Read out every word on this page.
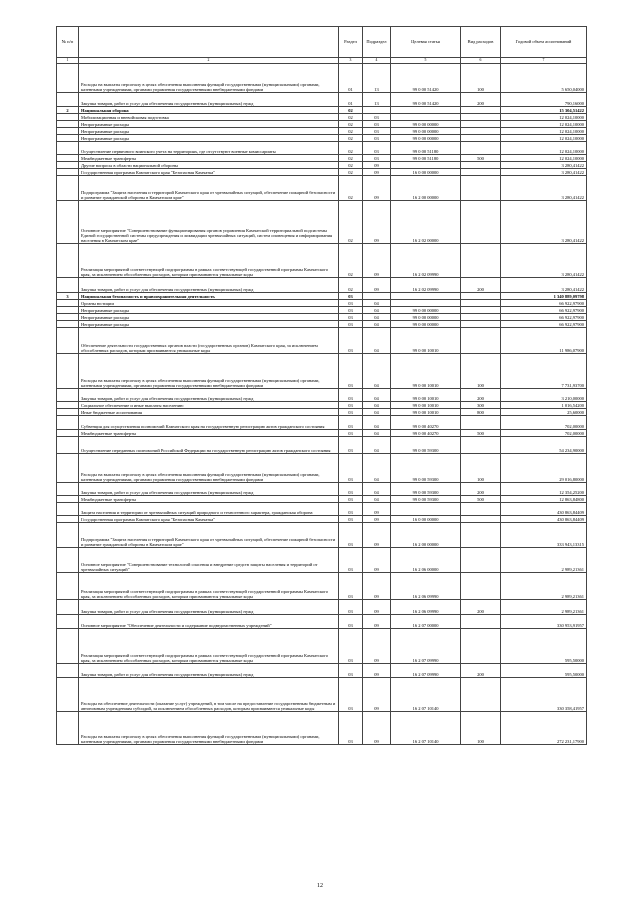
№ п/п		Раздел	Подраздел	Целевая статья	Вид расходов	Годовой объем ассигнований
1	2	3	4	5	6	7
	Расходы на выплаты персоналу в целях обеспечения выполнения функций государственными (муниципальными) органами, казенными учреждениями, органами управления государственными внебюджетными фондами	01	13	99 0 00 51420	100	5 650,04000
	Закупка товаров, работ и услуг для обеспечения государственных (муниципальных) нужд	01	13	99 0 00 51420	200	790,16000
2	Национальная оборона	02				15 304,51422
	Мобилизационная и вневойсковая подготовка	02	03			12 024,10000
	Непрограммные расходы	02	03	99 0 00 00000		12 024,10000
	Непрограммные расходы	02	03	99 0 00 00000		12 024,10000
	Непрограммные расходы	02	03	99 0 00 00000		12 024,10000
	Осуществление первичного воинского учета на территориях, где отсутствуют военные комиссариаты	02	03	99 0 00 51180		12 024,10000
	Межбюджетные трансферты	02	03	99 0 00 51180	500	12 024,10000
	Другие вопросы в области национальной обороны	02	09			3 280,41422
	Государственная программа Камчатского края "Безопасная Камчатка"	02	09	16 0 00 00000		3 280,41422
	Подпрограмма "Защита населения и территорий Камчатского края от чрезвычайных ситуаций, обеспечение пожарной безопасности и развитие гражданской обороны в Камчатском крае"	02	09	16 2 00 00000		3 280,41422
	Основное мероприятие "Совершенствование функционирования органов управления Камчатской территориальной подсистемы Единой государственной системы предупреждения и ликвидации чрезвычайных ситуаций, систем оповещения и информирования населения в Камчатском крае"	02	09	16 2 02 00000		3 280,41422
	Реализация мероприятий соответствующей подпрограммы в рамках соответствующей государственной программы Камчатского края, за исключением обособленных расходов, которым присваиваются уникальные коды	02	09	16 2 02 09990		3 280,41422
	Закупка товаров, работ и услуг для обеспечения государственных (муниципальных) нужд	02	09	16 2 02 09990	200	3 280,41422
3	Национальная безопасность и правоохранительная деятельность	03				1 340 889,09798
	Органы юстиции	03	04			66 922,97900
	Непрограммные расходы	03	04	99 0 00 00000		66 922,97900
	Непрограммные расходы	03	04	99 0 00 00000		66 922,97900
	Непрограммные расходы	03	04	99 0 00 00000		66 922,97900
	Обеспечение деятельности государственных органов власти (государственных органов) Камчатского края, за исключением обособленных расходов, которым присваиваются уникальные коды	03	04	99 0 00 10010		11 986,07900
	Расходы на выплаты персоналу в целях обеспечения выполнения функций государственными (муниципальными) органами, казенными учреждениями, органами управления государственными внебюджетными фондами	03	04	99 0 00 10010	100	7 731,93700
	Закупка товаров, работ и услуг для обеспечения государственных (муниципальных) нужд	03	04	99 0 00 10010	200	3 210,00000
	Социальное обеспечение и иные выплаты населению	03	04	99 0 00 10010	300	1 016,54200
	Иные бюджетные ассигнования	03	04	99 0 00 10010	800	25,60000
	Субвенция для осуществления полномочий Камчатского края на государственную регистрацию актов гражданского состояния	03	04	99 0 00 40270		702,00000
	Межбюджетные трансферты	03	04	99 0 00 40270	500	702,00000
	Осуществление переданных полномочий Российской Федерации на государственную регистрацию актов гражданского состояния	03	04	99 0 00 59300		54 234,90000
	Расходы на выплаты персоналу в целях обеспечения выполнения функций государственными (муниципальными) органами, казенными учреждениями, органами управления государственными внебюджетными фондами	03	04	99 0 00 59300	100	29 016,80000
	Закупка товаров, работ и услуг для обеспечения государственных (муниципальных) нужд	03	04	99 0 00 59300	200	12 354,25200
	Межбюджетные трансферты	03	04	99 0 00 59300	500	12 863,84800
	Защита населения и территории от чрезвычайных ситуаций природного и техногенного характера, гражданская оборона	03	09			430 863,84409
	Государственная программа Камчатского края "Безопасная Камчатка"	03	09	16 0 00 00000		430 863,84409
	Подпрограмма "Защита населения и территорий Камчатского края от чрезвычайных ситуаций, обеспечение пожарной безопасности и развитие гражданской обороны в Камчатском крае"	03	09	16 2 00 00000		333 943,13315
	Основное мероприятие "Совершенствование технологий спасения и внедрение средств защиты населения и территорий от чрезвычайных ситуаций"	03	09	16 2 06 00000		2 989,21361
	Реализация мероприятий соответствующей подпрограммы в рамках соответствующей государственной программы Камчатского края, за исключением обособленных расходов, которым присваиваются уникальные коды	03	09	16 2 06 09990		2 989,21361
	Закупка товаров, работ и услуг для обеспечения государственных (муниципальных) нужд	03	09	16 2 06 09990	200	2 989,21361
	Основное мероприятие "Обеспечение деятельности и содержание подведомственных учреждений"	03	09	16 2 07 00000		330 953,91957
	Реализация мероприятий соответствующей подпрограммы в рамках соответствующей государственной программы Камчатского края, за исключением обособленных расходов, которым присваиваются уникальные коды	03	09	16 2 07 09990		595,50000
	Закупка товаров, работ и услуг для обеспечения государственных (муниципальных) нужд	03	09	16 2 07 09990	200	595,50000
	Расходы на обеспечение деятельности (оказание услуг) учреждений, в том числе на предоставление государственным бюджетным и автономным учреждениям субсидий, за исключением обособленных расходов, которым присваиваются уникальные коды	03	09	16 2 07 10140		330 358,41957
	Расходы на выплаты персоналу в целях обеспечения выполнения функций государственными (муниципальными) органами, казенными учреждениями, органами управления государственными внебюджетными фондами	03	09	16 2 07 10140	100	272 231,17900
12
